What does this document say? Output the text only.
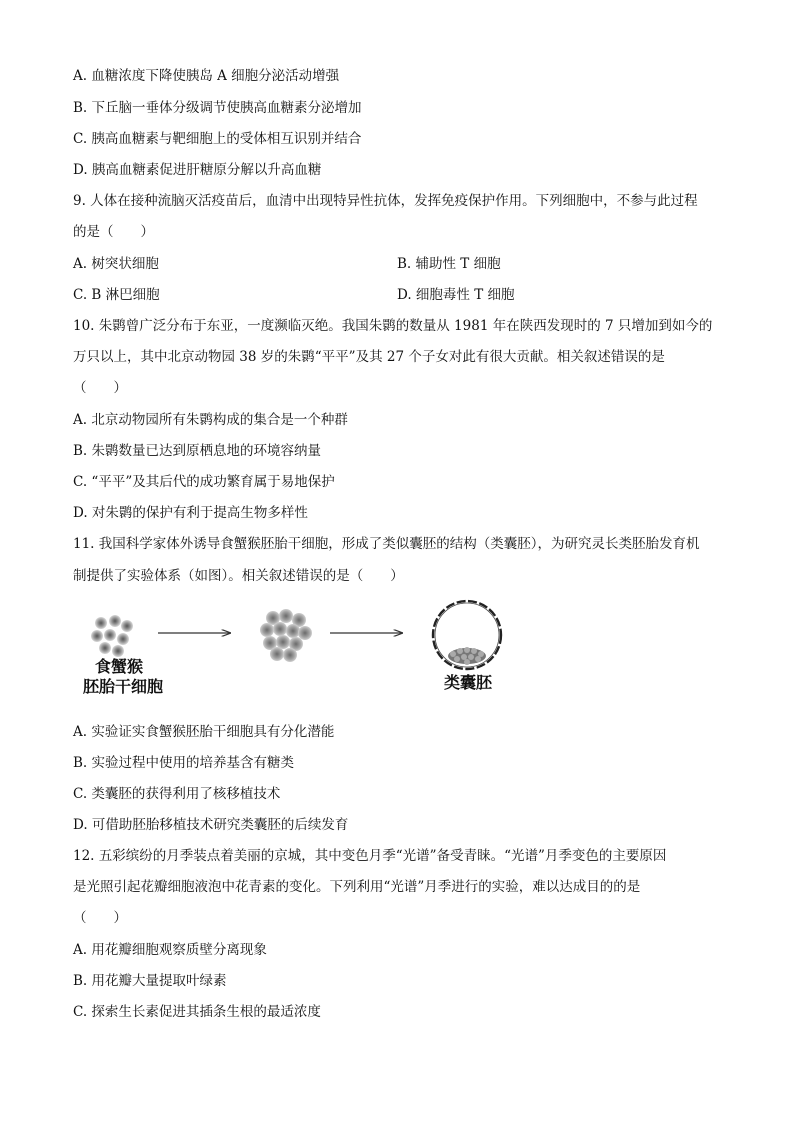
A. 血糖浓度下降使胰岛 A 细胞分泌活动增强
B. 下丘脑一垂体分级调节使胰高血糖素分泌增加
C. 胰高血糖素与靶细胞上的受体相互识别并结合
D. 胰高血糖素促进肝糖原分解以升高血糖
9. 人体在接种流脑灭活疫苗后，血清中出现特异性抗体，发挥免疫保护作用。下列细胞中，不参与此过程
的是（　　）
A. 树突状细胞	B. 辅助性 T 细胞
C. B 淋巴细胞	D. 细胞毒性 T 细胞
10. 朱鹮曾广泛分布于东亚，一度濒临灭绝。我国朱鹮的数量从 1981 年在陕西发现时的 7 只增加到如今的
万只以上，其中北京动物园 38 岁的朱鹮“平平”及其 27 个子女对此有很大贡献。相关叙述错误的是
（　　）
A. 北京动物园所有朱鹮构成的集合是一个种群
B. 朱鹮数量已达到原栖息地的环境容纳量
C. “平平”及其后代的成功繁育属于易地保护
D. 对朱鹮的保护有利于提高生物多样性
11. 我国科学家体外诱导食蟹猴胚胎干细胞，形成了类似囊胚的结构（类囊胚），为研究灵长类胚胎发育机
制提供了实验体系（如图）。相关叙述错误的是（　　）
食蟹猴
胚胎干细胞	类囊胚
A. 实验证实食蟹猴胚胎干细胞具有分化潜能
B. 实验过程中使用的培养基含有糖类
C. 类囊胚的获得利用了核移植技术
D. 可借助胚胎移植技术研究类囊胚的后续发育
12. 五彩缤纷的月季装点着美丽的京城，其中变色月季“光谱”备受青睐。“光谱”月季变色的主要原因
是光照引起花瓣细胞液泡中花青素的变化。下列利用“光谱”月季进行的实验，难以达成目的的是
（　　）
A. 用花瓣细胞观察质壁分离现象
B. 用花瓣大量提取叶绿素
C. 探索生长素促进其插条生根的最适浓度
